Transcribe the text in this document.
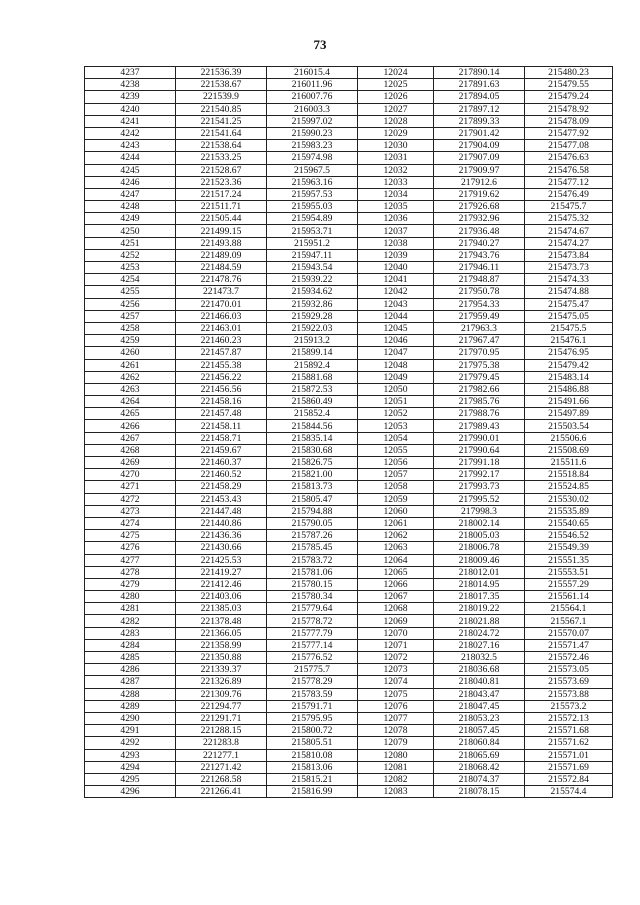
73
4237	221536.39	216015.4	12024	217890.14	215480.23
4238	221538.67	216011.96	12025	217891.63	215479.55
4239	221539.9	216007.76	12026	217894.05	215479.24
4240	221540.85	216003.3	12027	217897.12	215478.92
4241	221541.25	215997.02	12028	217899.33	215478.09
4242	221541.64	215990.23	12029	217901.42	215477.92
4243	221538.64	215983.23	12030	217904.09	215477.08
4244	221533.25	215974.98	12031	217907.09	215476.63
4245	221528.67	215967.5	12032	217909.97	215476.58
4246	221523.36	215963.16	12033	217912.6	215477.12
4247	221517.24	215957.53	12034	217919.62	215476.49
4248	221511.71	215955.03	12035	217926.68	215475.7
4249	221505.44	215954.89	12036	217932.96	215475.32
4250	221499.15	215953.71	12037	217936.48	215474.67
4251	221493.88	215951.2	12038	217940.27	215474.27
4252	221489.09	215947.11	12039	217943.76	215473.84
4253	221484.59	215943.54	12040	217946.11	215473.73
4254	221478.76	215939.22	12041	217948.87	215474.33
4255	221473.7	215934.62	12042	217950.78	215474.88
4256	221470.01	215932.86	12043	217954.33	215475.47
4257	221466.03	215929.28	12044	217959.49	215475.05
4258	221463.01	215922.03	12045	217963.3	215475.5
4259	221460.23	215913.2	12046	217967.47	215476.1
4260	221457.87	215899.14	12047	217970.95	215476.95
4261	221455.38	215892.4	12048	217975.38	215479.42
4262	221456.22	215881.68	12049	217979.45	215483.14
4263	221456.56	215872.53	12050	217982.66	215486.88
4264	221458.16	215860.49	12051	217985.76	215491.66
4265	221457.48	215852.4	12052	217988.76	215497.89
4266	221458.11	215844.56	12053	217989.43	215503.54
4267	221458.71	215835.14	12054	217990.01	215506.6
4268	221459.67	215830.68	12055	217990.64	215508.69
4269	221460.37	215826.75	12056	217991.18	215511.6
4270	221460.52	215821.00	12057	217992.17	215518.84
4271	221458.29	215813.73	12058	217993.73	215524.85
4272	221453.43	215805.47	12059	217995.52	215530.02
4273	221447.48	215794.88	12060	217998.3	215535.89
4274	221440.86	215790.05	12061	218002.14	215540.65
4275	221436.36	215787.26	12062	218005.03	215546.52
4276	221430.66	215785.45	12063	218006.78	215549.39
4277	221425.53	215783.72	12064	218009.46	215551.35
4278	221419.27	215781.06	12065	218012.01	215553.51
4279	221412.46	215780.15	12066	218014.95	215557.29
4280	221403.06	215780.34	12067	218017.35	215561.14
4281	221385.03	215779.64	12068	218019.22	215564.1
4282	221378.48	215778.72	12069	218021.88	215567.1
4283	221366.05	215777.79	12070	218024.72	215570.07
4284	221358.99	215777.14	12071	218027.16	215571.47
4285	221350.88	215776.52	12072	218032.5	215572.46
4286	221339.37	215775.7	12073	218036.68	215573.05
4287	221326.89	215778.29	12074	218040.81	215573.69
4288	221309.76	215783.59	12075	218043.47	215573.88
4289	221294.77	215791.71	12076	218047.45	215573.2
4290	221291.71	215795.95	12077	218053.23	215572.13
4291	221288.15	215800.72	12078	218057.45	215571.68
4292	221283.8	215805.51	12079	218060.84	215571.62
4293	221277.1	215810.08	12080	218065.69	215571.01
4294	221271.42	215813.06	12081	218068.42	215571.69
4295	221268.58	215815.21	12082	218074.37	215572.84
4296	221266.41	215816.99	12083	218078.15	215574.4
